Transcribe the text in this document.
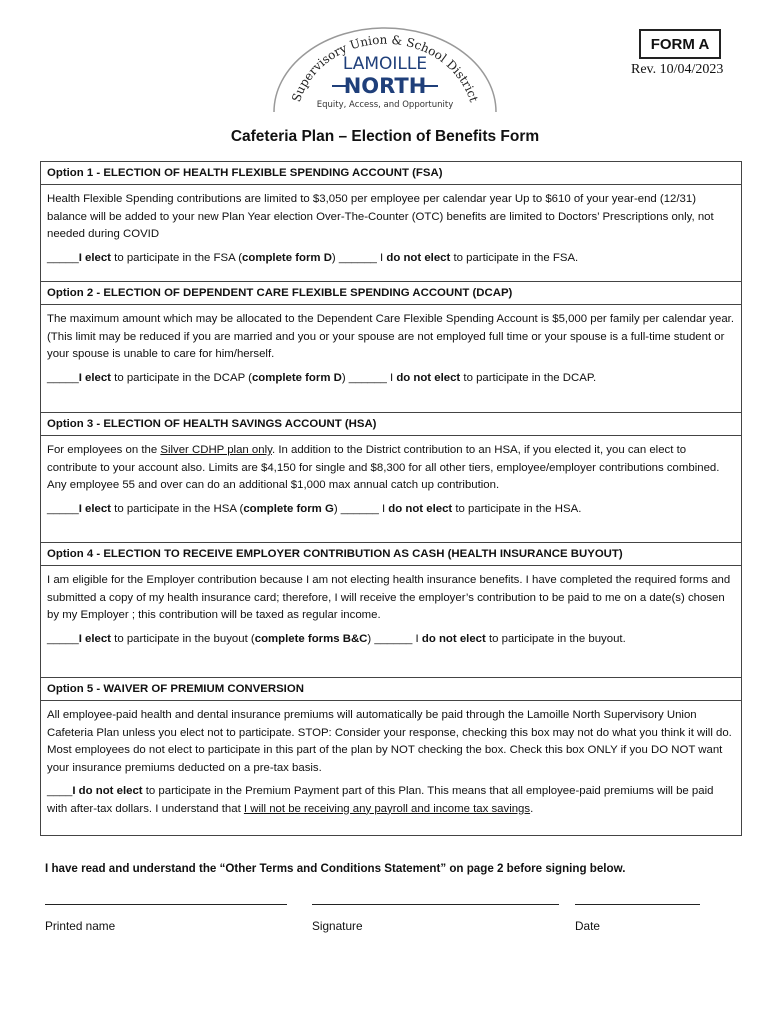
Supervisory Union & School District
LAMOILLE
NORTH
Equity, Access, and Opportunity
FORM A
Rev. 10/04/2023
Cafeteria Plan – Election of Benefits Form
Option 1 - ELECTION OF HEALTH FLEXIBLE SPENDING ACCOUNT (FSA)
Health Flexible Spending contributions are limited to $3,050 per employee per calendar year Up to $610 of your year-end (12/31) balance will be added to your new Plan Year election Over-The-Counter (OTC) benefits are limited to Doctors’ Prescriptions only, not needed during COVID
_____I elect to participate in the FSA (complete form D) ______ I do not elect to participate in the FSA.
Option 2 - ELECTION OF DEPENDENT CARE FLEXIBLE SPENDING ACCOUNT (DCAP)
The maximum amount which may be allocated to the Dependent Care Flexible Spending Account is $5,000 per family per calendar year. (This limit may be reduced if you are married and you or your spouse are not employed full time or your spouse is a full-time student or your spouse is unable to care for him/herself.
_____I elect to participate in the DCAP (complete form D) ______ I do not elect to participate in the DCAP.
Option 3 - ELECTION OF HEALTH SAVINGS ACCOUNT (HSA)
For employees on the Silver CDHP plan only. In addition to the District contribution to an HSA, if you elected it, you can elect to contribute to your account also. Limits are $4,150 for single and $8,300 for all other tiers, employee/employer contributions combined. Any employee 55 and over can do an additional $1,000 max annual catch up contribution.
_____I elect to participate in the HSA (complete form G) ______ I do not elect to participate in the HSA.
Option 4 - ELECTION TO RECEIVE EMPLOYER CONTRIBUTION AS CASH (HEALTH INSURANCE BUYOUT)
I am eligible for the Employer contribution because I am not electing health insurance benefits. I have completed the required forms and submitted a copy of my health insurance card; therefore, I will receive the employer’s contribution to be paid to me on a date(s) chosen by my Employer ; this contribution will be taxed as regular income.
_____I elect to participate in the buyout (complete forms B&C) ______ I do not elect to participate in the buyout.
Option 5 - WAIVER OF PREMIUM CONVERSION
All employee-paid health and dental insurance premiums will automatically be paid through the Lamoille North Supervisory Union Cafeteria Plan unless you elect not to participate. STOP: Consider your response, checking this box may not do what you think it will do. Most employees do not elect to participate in this part of the plan by NOT checking the box. Check this box ONLY if you DO NOT want your insurance premiums deducted on a pre-tax basis.
____I do not elect to participate in the Premium Payment part of this Plan. This means that all employee-paid premiums will be paid with after-tax dollars. I understand that I will not be receiving any payroll and income tax savings.
I have read and understand the “Other Terms and Conditions Statement” on page 2 before signing below.
Printed name	Signature	Date
